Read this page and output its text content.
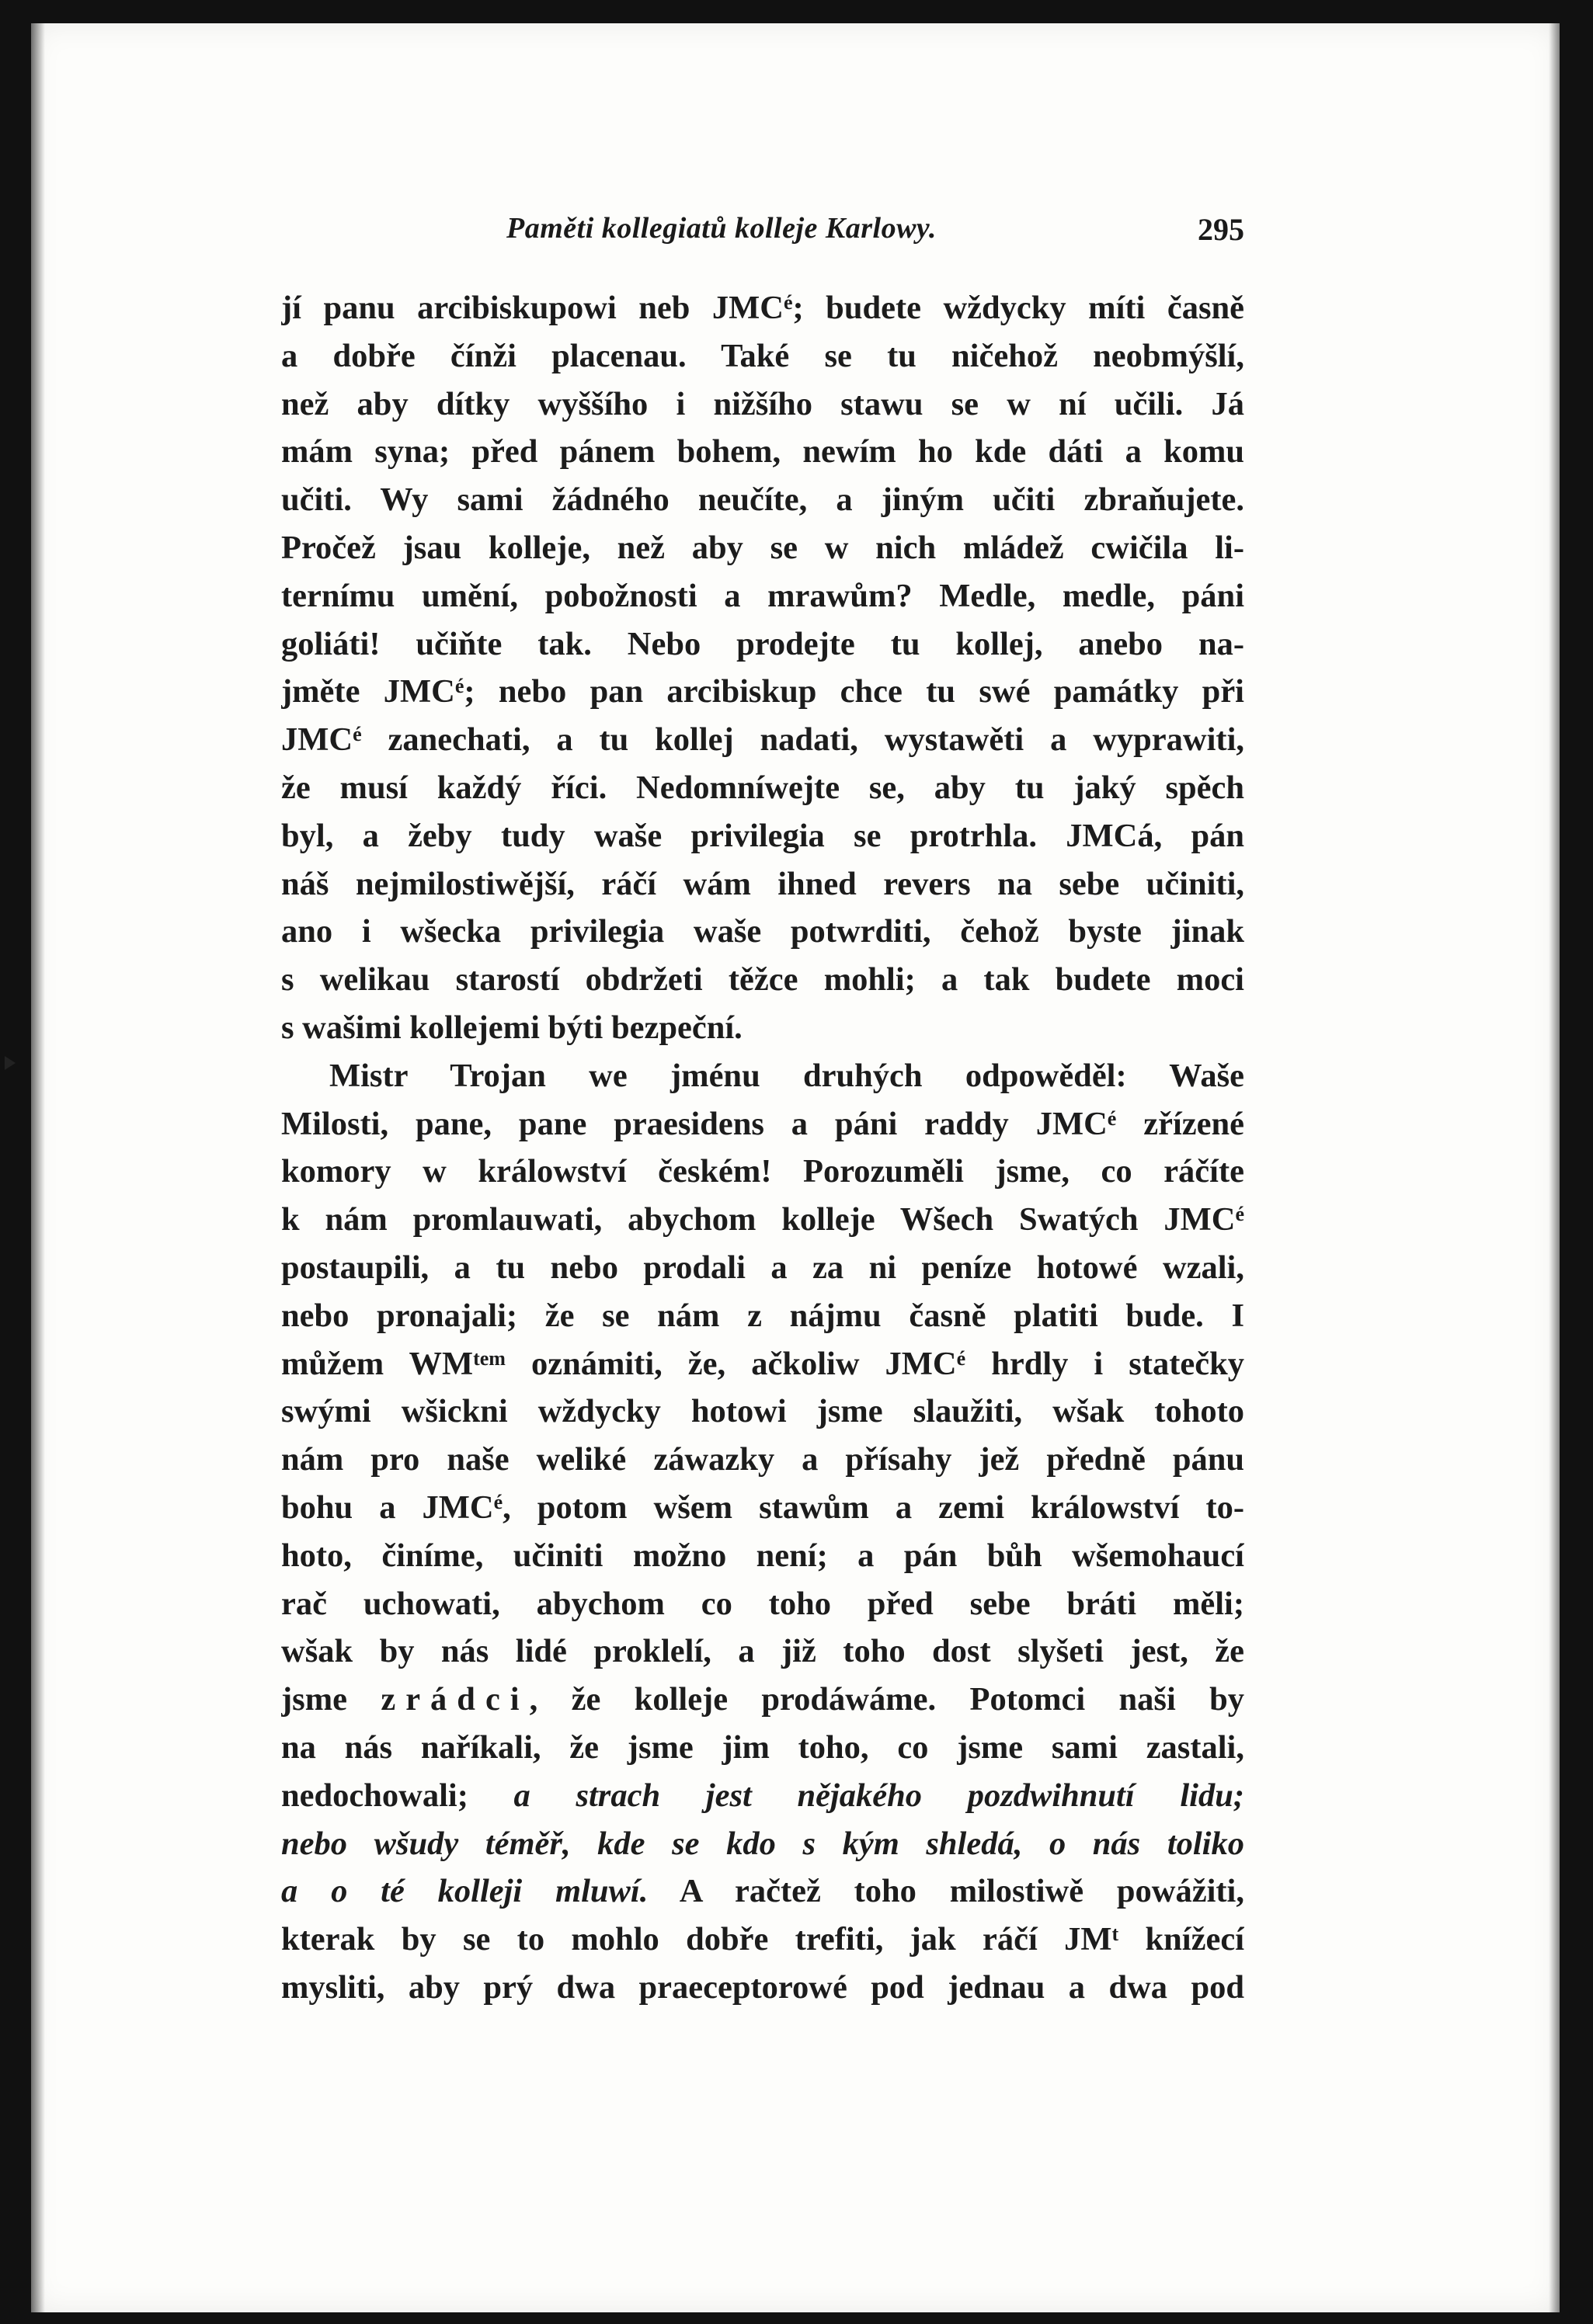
Paměti kollegiatů kolleje Karlowy.	295
jí panu arcibiskupowi neb $JMC^é$; budete wždycky míti časně
a dobře čínži placenau. Také se tu ničehož neobmýšlí,
než aby dítky wyššího i nižšího stawu se w ní učili. Já
mám syna; před pánem bohem, newím ho kde dáti a komu
učiti. Wy sami žádného neučíte, a jiným učiti zbraňujete.
Pročež jsau kolleje, než aby se w nich mládež cwičila li-
ternímu umění, pobožnosti a mrawům? Medle, medle, páni
goliáti! učiňte tak. Nebo prodejte tu kollej, anebo na-
jměte $JMC^é$; nebo pan arcibiskup chce tu swé památky při
$JMC^é$ zanechati, a tu kollej nadati, wystawěti a wyprawiti,
že musí každý říci. Nedomníwejte se, aby tu jaký spěch
byl, a žeby tudy waše privilegia se protrhla. JMCá, pán
náš nejmilostiwější, ráčí wám ihned revers na sebe učiniti,
ano i wšecka privilegia waše potwrditi, čehož byste jinak
s welikau starostí obdržeti těžce mohli; a tak budete moci
s wašimi kollejemi býti bezpeční.
Mistr Trojan we jménu druhých odpowěděl: Waše
Milosti, pane, pane praesidens a páni raddy $JMC^é$ zřízené
komory w králowství českém! Porozuměli jsme, co ráčíte
k nám promlauwati, abychom kolleje Wšech Swatých $JMC^é$
postaupili, a tu nebo prodali a za ni peníze hotowé wzali,
nebo pronajali; že se nám z nájmu časně platiti bude. I
můžem $WM^{tem}$ oznámiti, že, ačkoliw $JMC^é$ hrdly i statečky
swými wšickni wždycky hotowi jsme slaužiti, wšak tohoto
nám pro naše weliké záwazky a přísahy jež předně pánu
bohu a $JMC^é$, potom wšem stawům a zemi králowství to-
hoto, činíme, učiniti možno není; a pán bůh wšemohaucí
rač uchowati, abychom co toho před sebe bráti měli;
wšak by nás lidé proklelí, a již toho dost slyšeti jest, že
jsme zrádci, že kolleje prodáwáme. Potomci naši by
na nás naříkali, že jsme jim toho, co jsme sami zastali,
nedochowali; a strach jest nějakého pozdwihnutí lidu;
nebo wšudy téměř, kde se kdo s kým shledá, o nás toliko
a o té kolleji mluwí. A račtež toho milostiwě powážiti,
kterak by se to mohlo dobře trefiti, jak ráčí $JM^t$ knížecí
mysliti, aby prý dwa praeceptorowé pod jednau a dwa pod
